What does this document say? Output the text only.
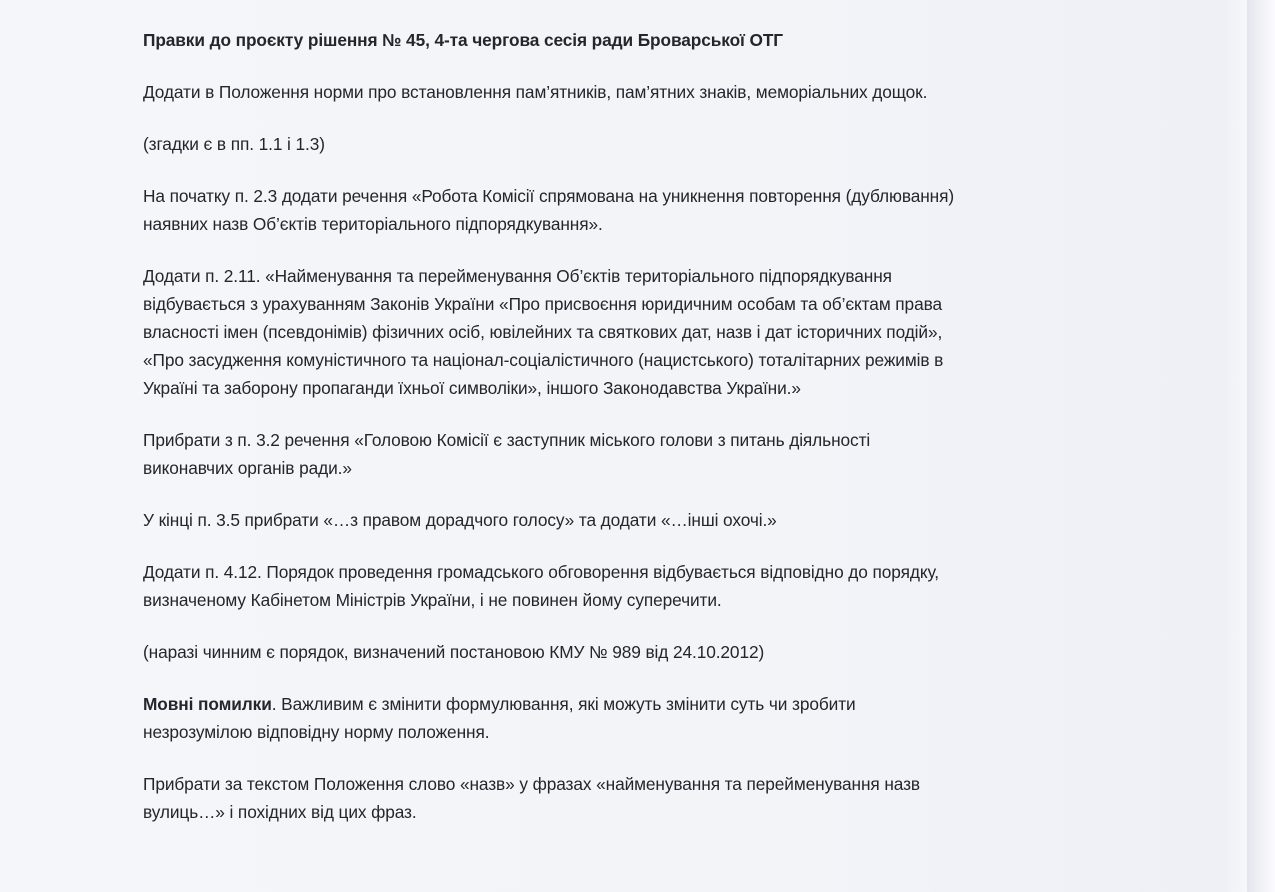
Правки до проєкту рішення № 45, 4-та чергова сесія ради Броварської ОТГ

Додати в Положення норми про встановлення пам’ятників, пам’ятних знаків, меморіальних дощок.

(згадки є в пп. 1.1 і 1.3)

На початку п. 2.3 додати речення «Робота Комісії спрямована на уникнення повторення (дублювання)
наявних назв Об’єктів територіального підпорядкування».

Додати п. 2.11. «Найменування та перейменування Об’єктів територіального підпорядкування
відбувається з урахуванням Законів України «Про присвоєння юридичним особам та об’єктам права
власності імен (псевдонімів) фізичних осіб, ювілейних та святкових дат, назв і дат історичних подій»,
«Про засудження комуністичного та націонал-соціалістичного (нацистського) тоталітарних режимів в
Україні та заборону пропаганди їхньої символіки», іншого Законодавства України.»

Прибрати з п. 3.2 речення «Головою Комісії є заступник міського голови з питань діяльності
виконавчих органів ради.»

У кінці п. 3.5 прибрати «…з правом дорадчого голосу» та додати «…інші охочі.»

Додати п. 4.12. Порядок проведення громадського обговорення відбувається відповідно до порядку,
визначеному Кабінетом Міністрів України, і не повинен йому суперечити.

(наразі чинним є порядок, визначений постановою КМУ № 989 від 24.10.2012)

Мовні помилки. Важливим є змінити формулювання, які можуть змінити суть чи зробити
незрозумілою відповідну норму положення.

Прибрати за текстом Положення слово «назв» у фразах «найменування та перейменування назв
вулиць…» і похідних від цих фраз.
